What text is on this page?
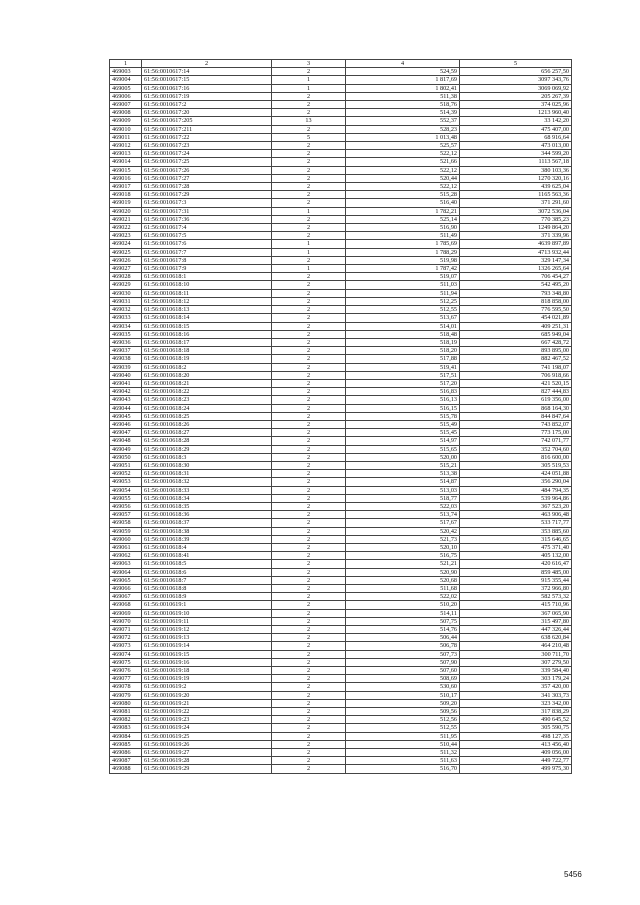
1	2	3	4	5
469003	61:56:0010617:14	2	524,59	656 257,50
469004	61:56:0010617:15	1	1 817,69	3097 343,76
469005	61:56:0010617:16	1	1 802,41	3069 069,92
469006	61:56:0010617:19	2	511,38	205 267,39
469007	61:56:0010617:2	2	518,76	374 025,96
469008	61:56:0010617:20	2	514,39	1213 960,40
469009	61:56:0010617:205	13	552,37	33 142,20
469010	61:56:0010617:211	2	528,23	475 407,00
469011	61:56:0010617:22	5	1 013,48	68 916,64
469012	61:56:0010617:23	2	525,57	473 013,00
469013	61:56:0010617:24	2	522,12	344 599,20
469014	61:56:0010617:25	2	521,66	1113 567,18
469015	61:56:0010617:26	2	522,12	380 103,36
469016	61:56:0010617:27	2	520,44	1270 320,16
469017	61:56:0010617:28	2	522,12	439 625,04
469018	61:56:0010617:29	2	515,28	1165 563,36
469019	61:56:0010617:3	2	516,40	371 291,60
469020	61:56:0010617:31	1	1 782,21	3072 536,04
469021	61:56:0010617:36	2	525,14	770 385,23
469022	61:56:0010617:4	2	516,90	1249 864,20
469023	61:56:0010617:5	2	511,49	371 339,96
469024	61:56:0010617:6	1	1 785,69	4639 897,89
469025	61:56:0010617:7	1	1 788,29	4713 932,44
469026	61:56:0010617:8	2	519,98	329 147,34
469027	61:56:0010617:9	1	1 787,42	1326 265,64
469028	61:56:0010618:1	2	519,07	706 454,27
469029	61:56:0010618:10	2	511,03	542 495,20
469030	61:56:0010618:11	2	511,94	793 348,80
469031	61:56:0010618:12	2	512,25	818 858,00
469032	61:56:0010618:13	2	512,55	776 595,50
469033	61:56:0010618:14	2	513,67	454 021,89
469034	61:56:0010618:15	2	514,01	409 251,31
469035	61:56:0010618:16	2	518,48	685 949,04
469036	61:56:0010618:17	2	518,19	667 428,72
469037	61:56:0010618:18	2	518,20	893 895,00
469038	61:56:0010618:19	2	517,88	882 467,52
469039	61:56:0010618:2	2	519,41	741 198,07
469040	61:56:0010618:20	2	517,51	706 918,66
469041	61:56:0010618:21	2	517,20	421 520,15
469042	61:56:0010618:22	2	516,83	827 444,83
469043	61:56:0010618:23	2	516,13	619 356,00
469044	61:56:0010618:24	2	516,15	868 164,30
469045	61:56:0010618:25	2	515,78	844 847,64
469046	61:56:0010618:26	2	515,49	743 852,07
469047	61:56:0010618:27	2	515,45	773 175,00
469048	61:56:0010618:28	2	514,97	742 071,77
469049	61:56:0010618:29	2	515,65	352 704,60
469050	61:56:0010618:3	2	520,00	816 600,00
469051	61:56:0010618:30	2	515,21	305 519,53
469052	61:56:0010618:31	2	513,38	424 051,88
469053	61:56:0010618:32	2	514,87	356 290,04
469054	61:56:0010618:33	2	513,03	484 794,35
469055	61:56:0010618:34	2	518,77	539 964,86
469056	61:56:0010618:35	2	522,03	367 523,20
469057	61:56:0010618:36	2	513,74	463 906,48
469058	61:56:0010618:37	2	517,67	533 717,77
469059	61:56:0010618:38	2	520,42	353 885,60
469060	61:56:0010618:39	2	521,73	315 646,65
469061	61:56:0010618:4	2	520,10	475 371,40
469062	61:56:0010618:41	2	516,75	405 132,00
469063	61:56:0010618:5	2	521,21	420 616,47
469064	61:56:0010618:6	2	520,90	859 485,00
469065	61:56:0010618:7	2	520,68	915 355,44
469066	61:56:0010618:8	2	511,68	372 966,80
469067	61:56:0010618:9	2	522,02	582 573,32
469068	61:56:0010619:1	2	510,20	415 710,96
469069	61:56:0010619:10	2	514,11	367 065,90
469070	61:56:0010619:11	2	507,75	315 497,80
469071	61:56:0010619:12	2	514,76	447 326,44
469072	61:56:0010619:13	2	506,44	638 620,84
469073	61:56:0010619:14	2	506,78	464 210,48
469074	61:56:0010619:15	2	507,73	300 711,70
469075	61:56:0010619:16	2	507,90	307 279,50
469076	61:56:0010619:18	2	507,60	339 584,40
469077	61:56:0010619:19	2	508,69	303 179,24
469078	61:56:0010619:2	2	530,60	357 420,00
469079	61:56:0010619:20	2	510,17	341 303,73
469080	61:56:0010619:21	2	509,20	323 342,00
469081	61:56:0010619:22	2	509,56	317 838,29
469082	61:56:0010619:23	2	512,56	490 645,52
469083	61:56:0010619:24	2	512,55	305 590,75
469084	61:56:0010619:25	2	511,95	498 127,35
469085	61:56:0010619:26	2	510,44	413 456,40
469086	61:56:0010619:27	2	511,32	409 056,00
469087	61:56:0010619:28	2	511,63	449 722,77
469088	61:56:0010619:29	2	516,70	499 975,30
5456
